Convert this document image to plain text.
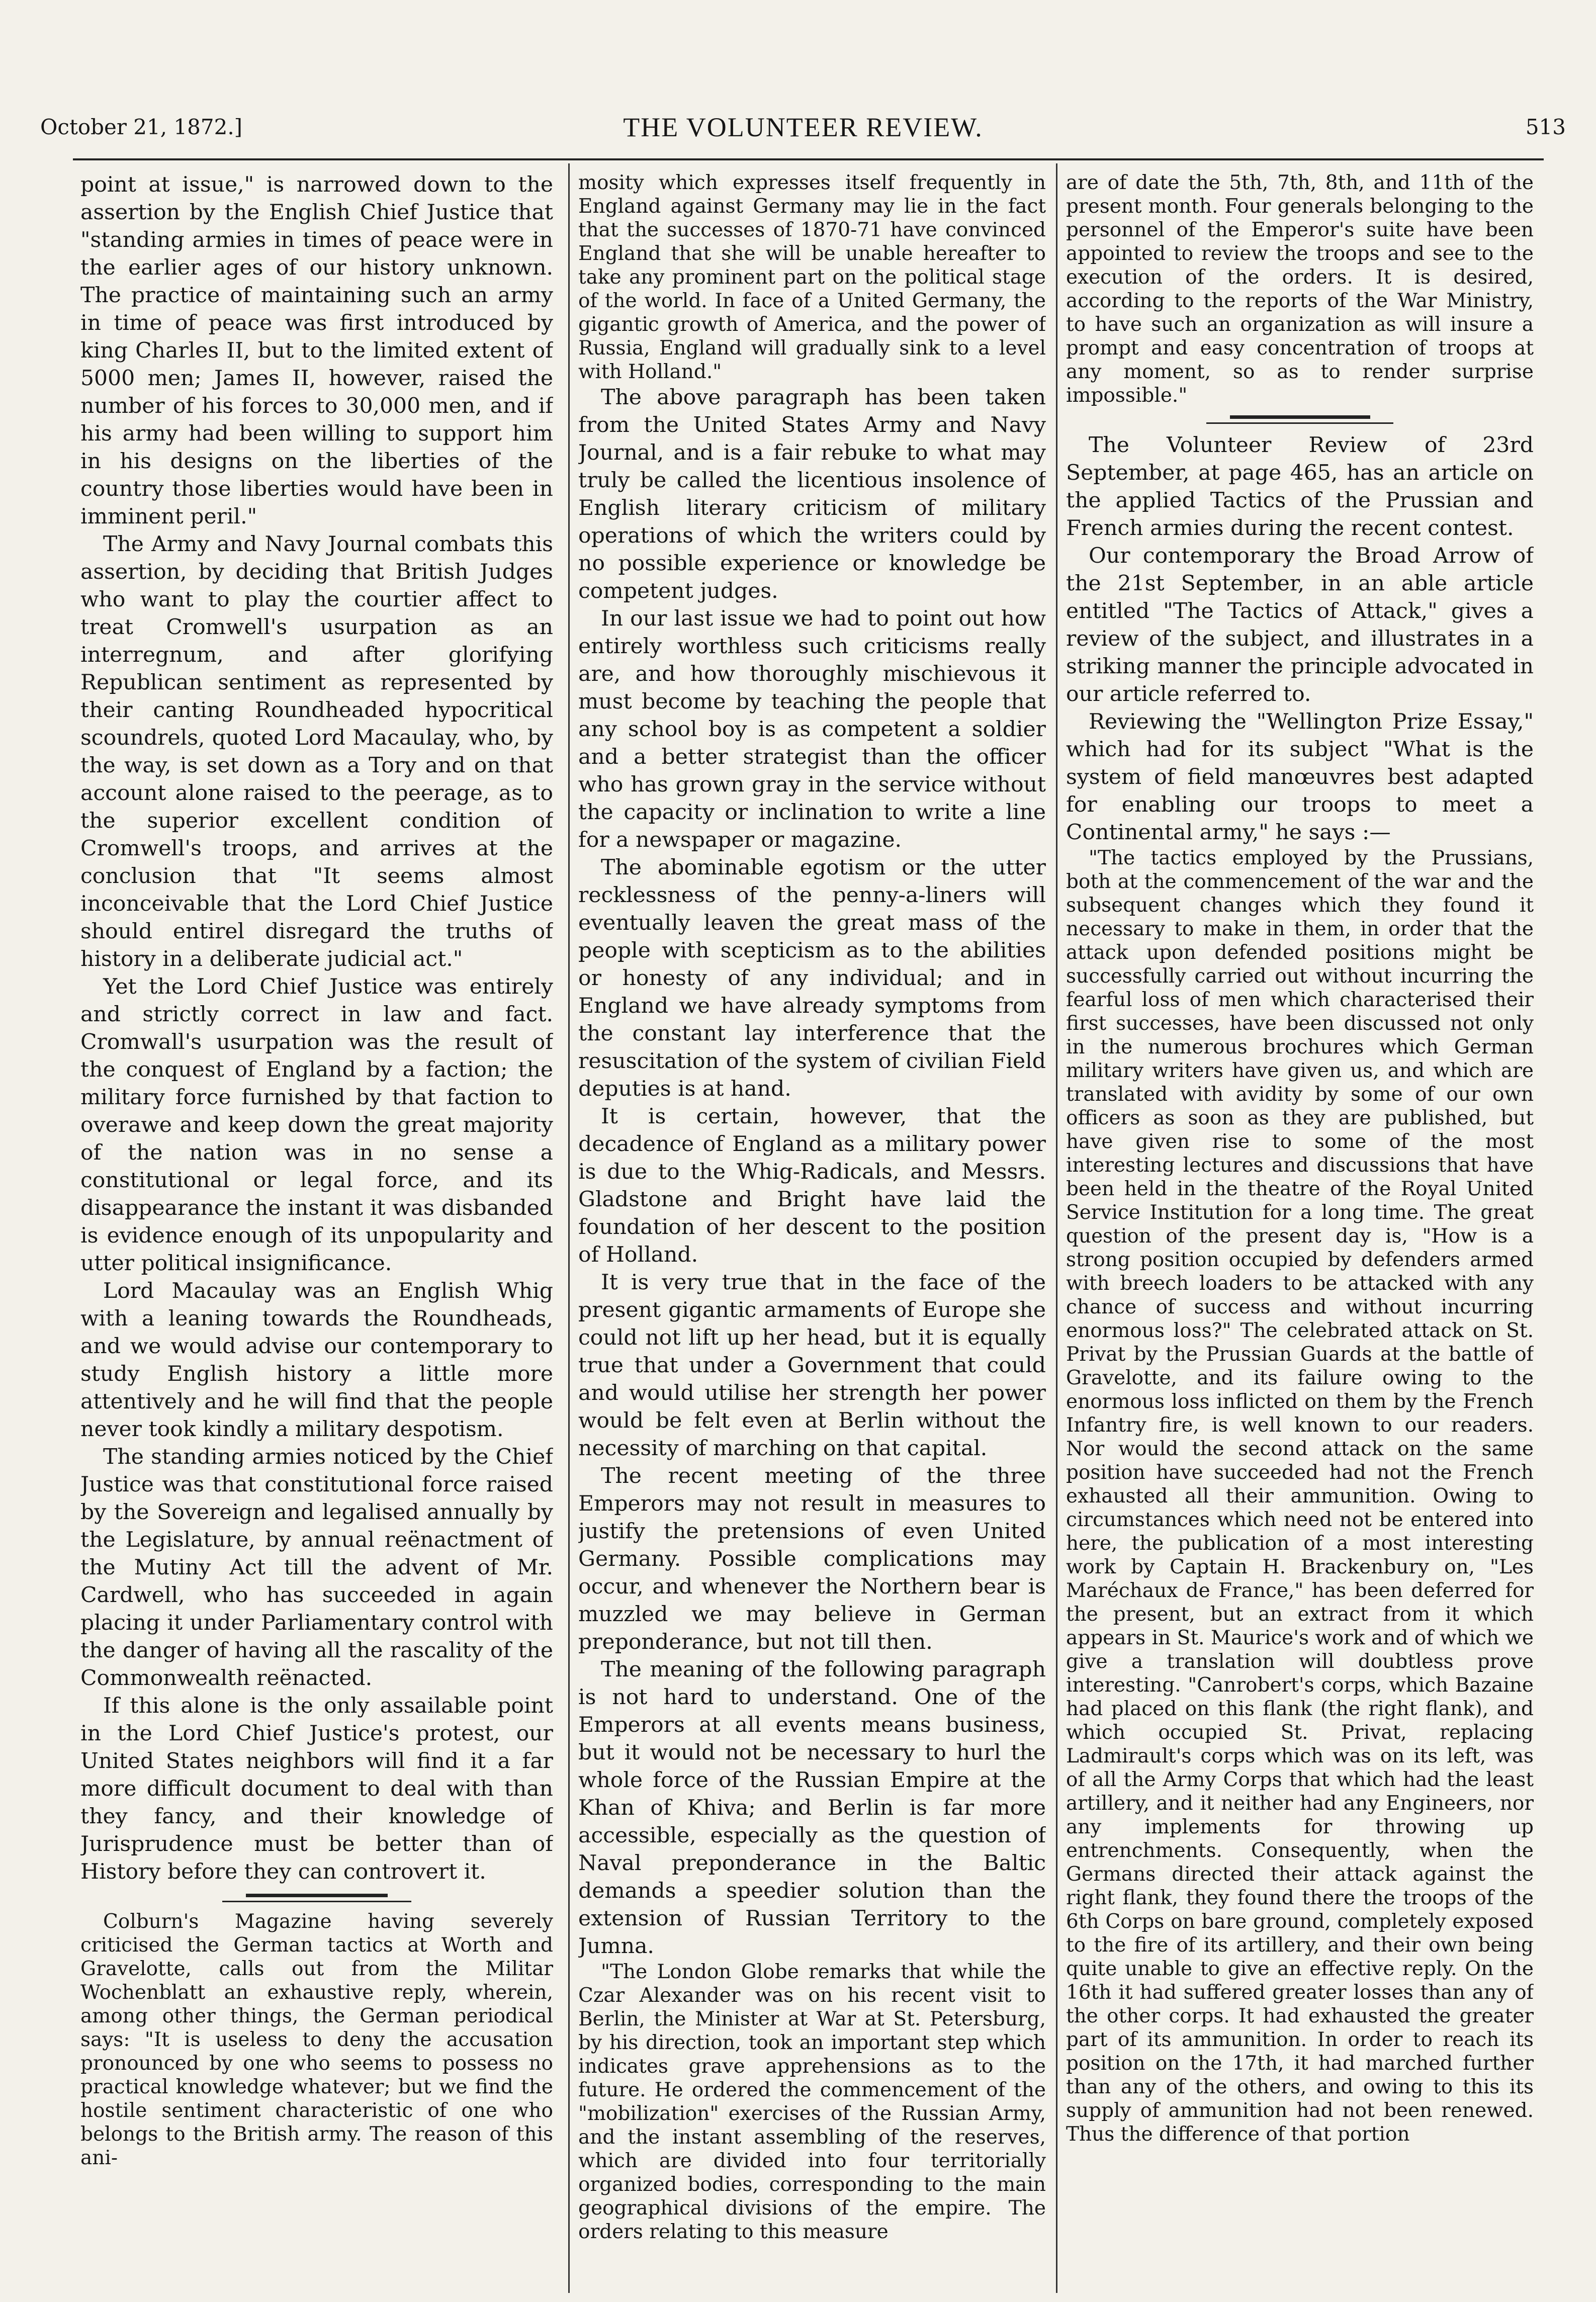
October 21, 1872.]	THE VOLUNTEER REVIEW.	513

point at issue," is narrowed down to the assertion by the English Chief Justice that "standing armies in times of peace were in the earlier ages of our history unknown. The practice of maintaining such an army in time of peace was first introduced by king Charles II, but to the limited extent of 5000 men; James II, however, raised the number of his forces to 30,000 men, and if his army had been willing to support him in his designs on the liberties of the country those liberties would have been in imminent peril."

The Army and Navy Journal combats this assertion, by deciding that British Judges who want to play the courtier affect to treat Cromwell's usurpation as an interregnum, and after glorifying Republican sentiment as represented by their canting Roundheaded hypocritical scoundrels, quoted Lord Macaulay, who, by the way, is set down as a Tory and on that account alone raised to the peerage, as to the superior excellent condition of Cromwell's troops, and arrives at the conclusion that "It seems almost inconceivable that the Lord Chief Justice should entirel disregard the truths of history in a deliberate judicial act."

Yet the Lord Chief Justice was entirely and strictly correct in law and fact. Cromwall's usurpation was the result of the conquest of England by a faction; the military force furnished by that faction to overawe and keep down the great majority of the nation was in no sense a constitutional or legal force, and its disappearance the instant it was disbanded is evidence enough of its unpopularity and utter political insignificance.

Lord Macaulay was an English Whig with a leaning towards the Roundheads, and we would advise our contemporary to study English history a little more attentively and he will find that the people never took kindly a military despotism.

The standing armies noticed by the Chief Justice was that constitutional force raised by the Sovereign and legalised annually by the Legislature, by annual reënactment of the Mutiny Act till the advent of Mr. Cardwell, who has succeeded in again placing it under Parliamentary control with the danger of having all the rascality of the Commonwealth reënacted.

If this alone is the only assailable point in the Lord Chief Justice's protest, our United States neighbors will find it a far more difficult document to deal with than they fancy, and their knowledge of Jurisprudence must be better than of History before they can controvert it.

Colburn's Magazine having severely criticised the German tactics at Worth and Gravelotte, calls out from the Militar Wochenblatt an exhaustive reply, wherein, among other things, the German periodical says: "It is useless to deny the accusation pronounced by one who seems to possess no practical knowledge whatever; but we find the hostile sentiment characteristic of one who belongs to the British army. The reason of this ani-

mosity which expresses itself frequently in England against Germany may lie in the fact that the successes of 1870-71 have convinced England that she will be unable hereafter to take any prominent part on the political stage of the world. In face of a United Germany, the gigantic growth of America, and the power of Russia, England will gradually sink to a level with Holland."

The above paragraph has been taken from the United States Army and Navy Journal, and is a fair rebuke to what may truly be called the licentious insolence of English literary criticism of military operations of which the writers could by no possible experience or knowledge be competent judges.

In our last issue we had to point out how entirely worthless such criticisms really are, and how thoroughly mischievous it must become by teaching the people that any school boy is as competent a soldier and a better strategist than the officer who has grown gray in the service without the capacity or inclination to write a line for a newspaper or magazine.

The abominable egotism or the utter recklessness of the penny-a-liners will eventually leaven the great mass of the people with scepticism as to the abilities or honesty of any individual; and in England we have already symptoms from the constant lay interference that the resuscitation of the system of civilian Field deputies is at hand.

It is certain, however, that the decadence of England as a military power is due to the Whig-Radicals, and Messrs. Gladstone and Bright have laid the foundation of her descent to the position of Holland.

It is very true that in the face of the present gigantic armaments of Europe she could not lift up her head, but it is equally true that under a Government that could and would utilise her strength her power would be felt even at Berlin without the necessity of marching on that capital.

The recent meeting of the three Emperors may not result in measures to justify the pretensions of even United Germany. Possible complications may occur, and whenever the Northern bear is muzzled we may believe in German preponderance, but not till then.

The meaning of the following paragraph is not hard to understand. One of the Emperors at all events means business, but it would not be necessary to hurl the whole force of the Russian Empire at the Khan of Khiva; and Berlin is far more accessible, especially as the question of Naval preponderance in the Baltic demands a speedier solution than the extension of Russian Territory to the Jumna.

"The London Globe remarks that while the Czar Alexander was on his recent visit to Berlin, the Minister at War at St. Petersburg, by his direction, took an important step which indicates grave apprehensions as to the future. He ordered the commencement of the "mobilization" exercises of the Russian Army, and the instant assembling of the reserves, which are divided into four territorially organized bodies, corresponding to the main geographical divisions of the empire. The orders relating to this measure

are of date the 5th, 7th, 8th, and 11th of the present month. Four generals belonging to the personnel of the Emperor's suite have been appointed to review the troops and see to the execution of the orders. It is desired, according to the reports of the War Ministry, to have such an organization as will insure a prompt and easy concentration of troops at any moment, so as to render surprise impossible."

The Volunteer Review of 23rd September, at page 465, has an article on the applied Tactics of the Prussian and French armies during the recent contest.

Our contemporary the Broad Arrow of the 21st September, in an able article entitled "The Tactics of Attack," gives a review of the subject, and illustrates in a striking manner the principle advocated in our article referred to.

Reviewing the "Wellington Prize Essay," which had for its subject "What is the system of field manœuvres best adapted for enabling our troops to meet a Continental army," he says :—

"The tactics employed by the Prussians, both at the commencement of the war and the subsequent changes which they found it necessary to make in them, in order that the attack upon defended positions might be successfully carried out without incurring the fearful loss of men which characterised their first successes, have been discussed not only in the numerous brochures which German military writers have given us, and which are translated with avidity by some of our own officers as soon as they are published, but have given rise to some of the most interesting lectures and discussions that have been held in the theatre of the Royal United Service Institution for a long time. The great question of the present day is, "How is a strong position occupied by defenders armed with breech loaders to be attacked with any chance of success and without incurring enormous loss?" The celebrated attack on St. Privat by the Prussian Guards at the battle of Gravelotte, and its failure owing to the enormous loss inflicted on them by the French Infantry fire, is well known to our readers. Nor would the second attack on the same position have succeeded had not the French exhausted all their ammunition. Owing to circumstances which need not be entered into here, the publication of a most interesting work by Captain H. Brackenbury on, "Les Maréchaux de France," has been deferred for the present, but an extract from it which appears in St. Maurice's work and of which we give a translation will doubtless prove interesting. "Canrobert's corps, which Bazaine had placed on this flank (the right flank), and which occupied St. Privat, replacing Ladmirault's corps which was on its left, was of all the Army Corps that which had the least artillery, and it neither had any Engineers, nor any implements for throwing up entrenchments. Consequently, when the Germans directed their attack against the right flank, they found there the troops of the 6th Corps on bare ground, completely exposed to the fire of its artillery, and their own being quite unable to give an effective reply. On the 16th it had suffered greater losses than any of the other corps. It had exhausted the greater part of its ammunition. In order to reach its position on the 17th, it had marched further than any of the others, and owing to this its supply of ammunition had not been renewed. Thus the difference of that portion
